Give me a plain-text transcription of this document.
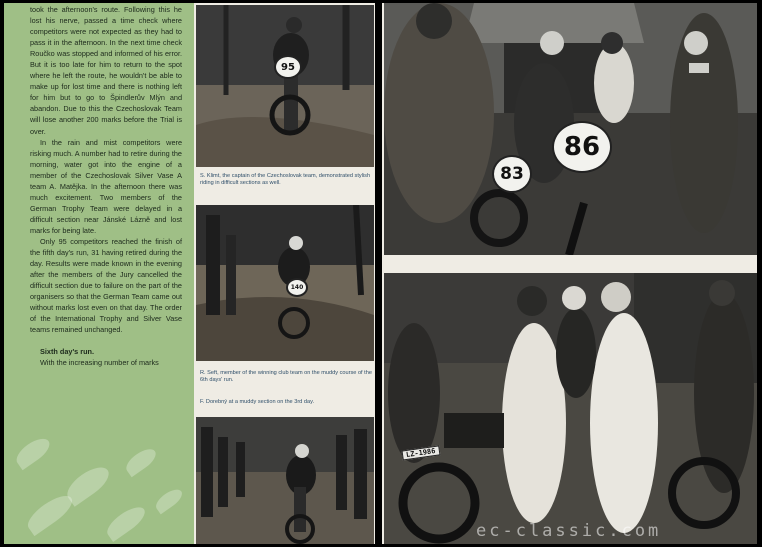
took the afternoon's route. Following this he lost his nerve, passed a time check where competitors were not expected as they had to pass it in the afternoon. In the next time check Roučko was stopped and informed of his error. But it is too late for him to return to the spot where he left the route, he wouldn't be able to make up for lost time and there is nothing left for him but to go to Špindlerův Mlýn and abandon. Due to this the Czechoslovak Team will lose another 200 marks before the Trial is over.

In the rain and mist competitors were risking much. A number had to retire during the morning, water got into the engine of a member of the Czechoslovak Silver Vase A team A. Matějka. In the afternoon there was much excitement. Two members of the German Trophy Team were delayed in a difficult section near Jánské Lázně and lost marks for being late.

Only 95 competitors reached the finish of the fifth day's run, 31 having retired during the day. Results were made known in the evening after the members of the Jury cancelled the difficult section due to failure on the part of the organisers so that the German Team came out without marks lost even on that day. The order of the International Trophy and Silver Vase teams remained unchanged.

Sixth day's run.

With the increasing number of marks

95
S. Klimt, the captain of the Czechoslovak team, demonstrated stylish riding in difficult sections as well.
140
R. Seft, member of the winning club team on the muddy course of the 6th days' run.
F. Dorebný at a muddy section on the 3rd day.
86
83
LZ-1986
ec-classic.com
